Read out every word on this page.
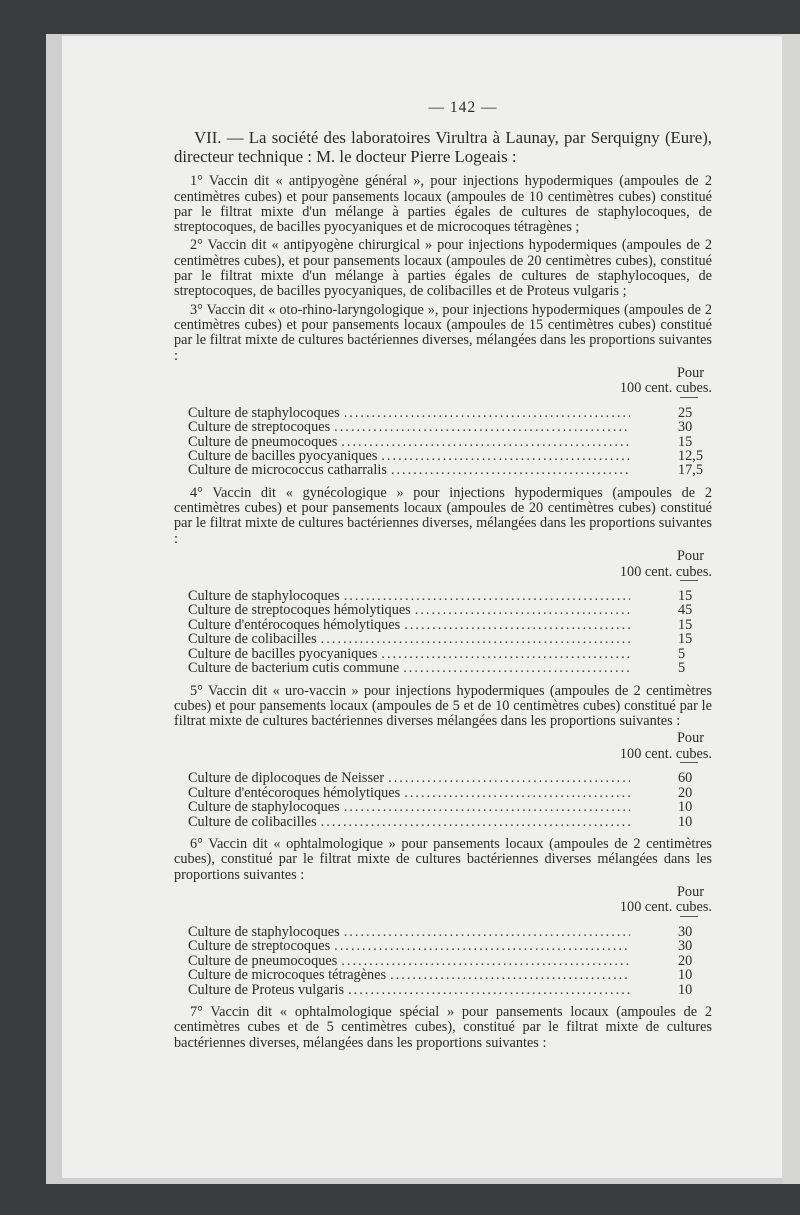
— 142 —
VII. — La société des laboratoires Virultra à Launay, par Serquigny (Eure), directeur technique : M. le docteur Pierre Logeais :

1° Vaccin dit « antipyogène général », pour injections hypodermiques (ampoules de 2 centimètres cubes) et pour pansements locaux (ampoules de 10 centimètres cubes) constitué par le filtrat mixte d'un mélange à parties égales de cultures de staphylocoques, de streptocoques, de bacilles pyocyaniques et de microcoques tétragènes ;

2° Vaccin dit « antipyogène chirurgical » pour injections hypodermiques (ampoules de 2 centimètres cubes), et pour pansements locaux (ampoules de 20 centimètres cubes), constitué par le filtrat mixte d'un mélange à parties égales de cultures de staphylocoques, de streptocoques, de bacilles pyocyaniques, de colibacilles et de Proteus vulgaris ;

3° Vaccin dit « oto-rhino-laryngologique », pour injections hypodermiques (ampoules de 2 centimètres cubes) et pour pansements locaux (ampoules de 15 centimètres cubes) constitué par le filtrat mixte de cultures bactériennes diverses, mélangées dans les proportions suivantes :

Pour
100 cent. cubes.
Culture de staphylocoques .....	25
Culture de streptocoques .....	30
Culture de pneumocoques .....	15
Culture de bacilles pyocyaniques .....	12,5
Culture de micrococcus catharralis .....	17,5

4° Vaccin dit « gynécologique » pour injections hypodermiques (ampoules de 2 centimètres cubes) et pour pansements locaux (ampoules de 20 centimètres cubes) constitué par le filtrat mixte de cultures bactériennes diverses, mélangées dans les proportions suivantes :

Pour
100 cent. cubes.
Culture de staphylocoques .....	15
Culture de streptocoques hémolytiques .....	45
Culture d'entérocoques hémolytiques .....	15
Culture de colibacilles .....	15
Culture de bacilles pyocyaniques .....	5
Culture de bacterium cutis commune .....	5

5° Vaccin dit « uro-vaccin » pour injections hypodermiques (ampoules de 2 centimètres cubes) et pour pansements locaux (ampoules de 5 et de 10 centimètres cubes) constitué par le filtrat mixte de cultures bactériennes diverses mélangées dans les proportions suivantes :

Pour
100 cent. cubes.
Culture de diplocoques de Neisser .....	60
Culture d'entécoroques hémolytiques .....	20
Culture de staphylocoques .....	10
Culture de colibacilles .....	10

6° Vaccin dit « ophtalmologique » pour pansements locaux (ampoules de 2 centimètres cubes), constitué par le filtrat mixte de cultures bactériennes diverses mélangées dans les proportions suivantes :

Pour
100 cent. cubes.
Culture de staphylocoques .....	30
Culture de streptocoques .....	30
Culture de pneumocoques .....	20
Culture de microcoques tétragènes .....	10
Culture de Proteus vulgaris .....	10

7° Vaccin dit « ophtalmologique spécial » pour pansements locaux (ampoules de 2 centimètres cubes et de 5 centimètres cubes), constitué par le filtrat mixte de cultures bactériennes diverses, mélangées dans les proportions suivantes :
